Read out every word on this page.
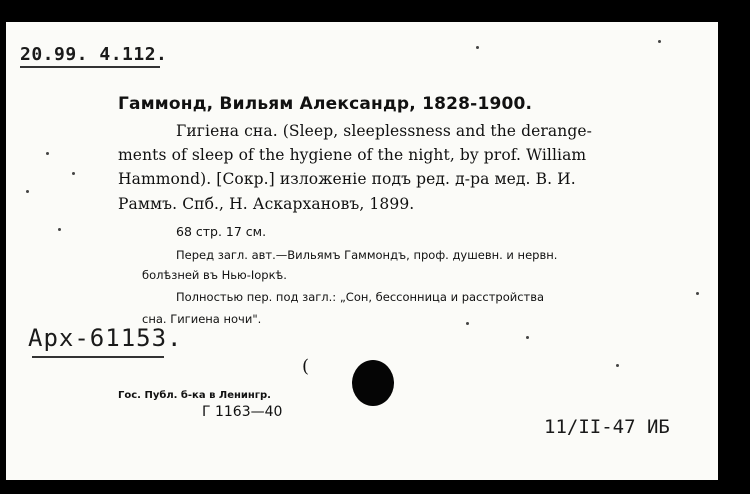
20.99. 4.112.
Гаммонд, Вильям Александр, 1828-1900.
Гигіена сна. (Sleep, sleeplessness and the derange-
ments of sleep of the hygiene of the night, by prof. William
Hammond). [Сокр.] изложеніе подъ ред. д-ра мед. В. И.
Раммъ. Спб., Н. Аскархановъ, 1899.
68 стр. 17 см.
Перед загл. авт.—Вильямъ Гаммондъ, проф. душевн. и нервн.
болѣзней въ Нью-Іоркѣ.
Полностью пер. под загл.: „Сон, бессонница и расстройства
сна. Гигиена ночи".
Арх-61153.
(
Гос. Публ. б-ка в Ленингр.
Г 1163—40
11/II-47 ИБ
